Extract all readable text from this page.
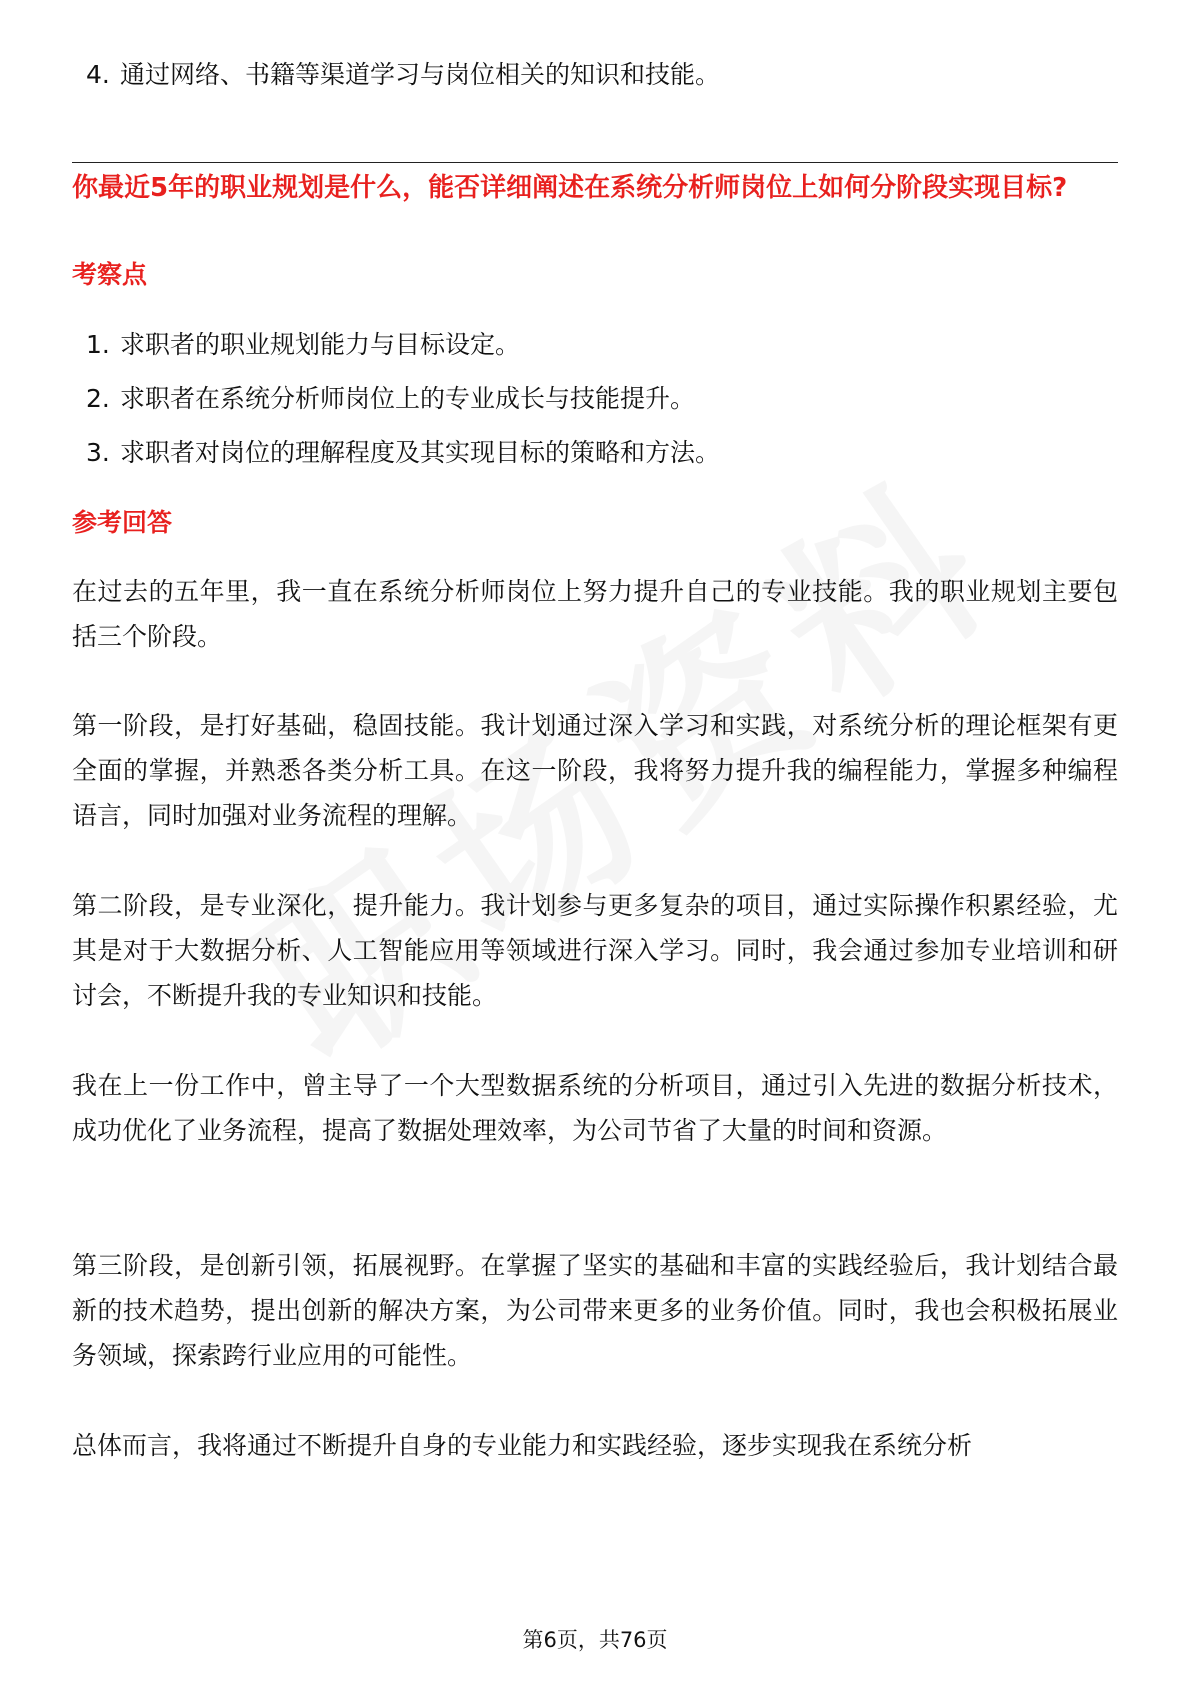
4. 通过网络、书籍等渠道学习与岗位相关的知识和技能。
你最近5年的职业规划是什么，能否详细阐述在系统分析师岗位上如何分阶段实现目标?
考察点
1. 求职者的职业规划能力与目标设定。
2. 求职者在系统分析师岗位上的专业成长与技能提升。
3. 求职者对岗位的理解程度及其实现目标的策略和方法。
参考回答

在过去的五年里，我一直在系统分析师岗位上努力提升自己的专业技能。我的职业规划主要包括三个阶段。

第一阶段，是打好基础，稳固技能。我计划通过深入学习和实践，对系统分析的理论框架有更全面的掌握，并熟悉各类分析工具。在这一阶段，我将努力提升我的编程能力，掌握多种编程语言，同时加强对业务流程的理解。

第二阶段，是专业深化，提升能力。我计划参与更多复杂的项目，通过实际操作积累经验，尤其是对于大数据分析、人工智能应用等领域进行深入学习。同时，我会通过参加专业培训和研讨会，不断提升我的专业知识和技能。

我在上一份工作中，曾主导了一个大型数据系统的分析项目，通过引入先进的数据分析技术，成功优化了业务流程，提高了数据处理效率，为公司节省了大量的时间和资源。

第三阶段，是创新引领，拓展视野。在掌握了坚实的基础和丰富的实践经验后，我计划结合最新的技术趋势，提出创新的解决方案，为公司带来更多的业务价值。同时，我也会积极拓展业务领域，探索跨行业应用的可能性。

总体而言，我将通过不断提升自身的专业能力和实践经验，逐步实现我在系统分析

第6页，共76页
